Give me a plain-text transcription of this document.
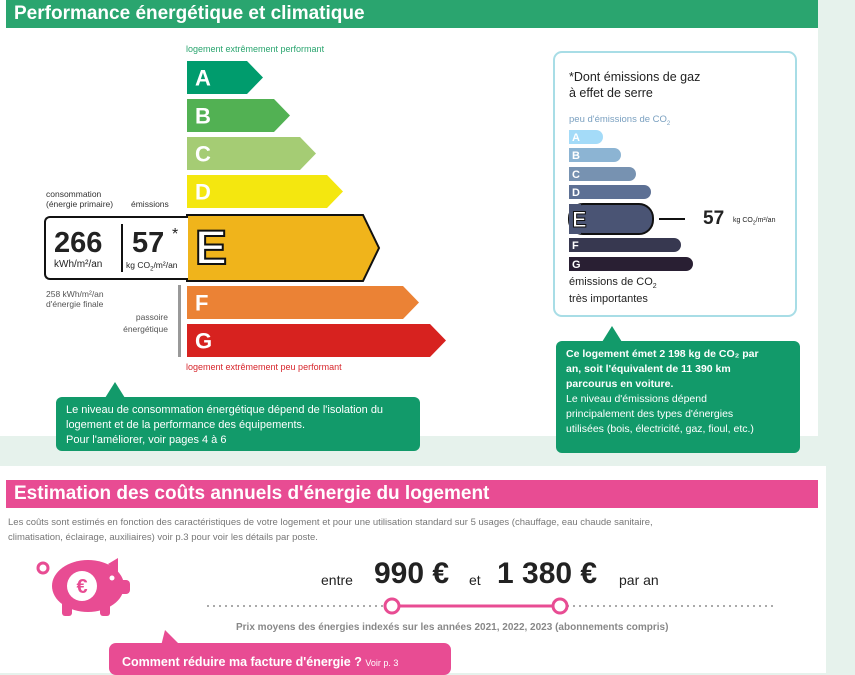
Performance énergétique et climatique
logement extrêmement performant
A
B
C
D
E
F
G
consommation
(énergie primaire) émissions
266
kWh/m²/an
57 *
kg $CO_2/m^2/an$
258 kWh/m²/an
d'énergie finale
passoire
énergétique
logement extrêmement peu performant
Le niveau de consommation énergétique dépend de l'isolation du
logement et de la performance des équipements.
Pour l'améliorer, voir pages 4 à 6
*Dont émissions de gaz
à effet de serre
peu d'émissions de $CO_2$
A
B
C
D
E
F
G
57 kg $CO_2/m^2/an$
émissions de $CO_2$
très importantes
Ce logement émet 2 198 kg de CO₂ par
an, soit l'équivalent de 11 390 km
parcourus en voiture.
Le niveau d'émissions dépend
principalement des types d'énergies
utilisées (bois, électricité, gaz, fioul, etc.)
Estimation des coûts annuels d'énergie du logement
Les coûts sont estimés en fonction des caractéristiques de votre logement et pour une utilisation standard sur 5 usages (chauffage, eau chaude sanitaire,
climatisation, éclairage, auxiliaires) voir p.3 pour voir les détails par poste.
€	entre 990 € et 1 380 € par an
Prix moyens des énergies indexés sur les années 2021, 2022, 2023 (abonnements compris)
Comment réduire ma facture d'énergie ? Voir p. 3
